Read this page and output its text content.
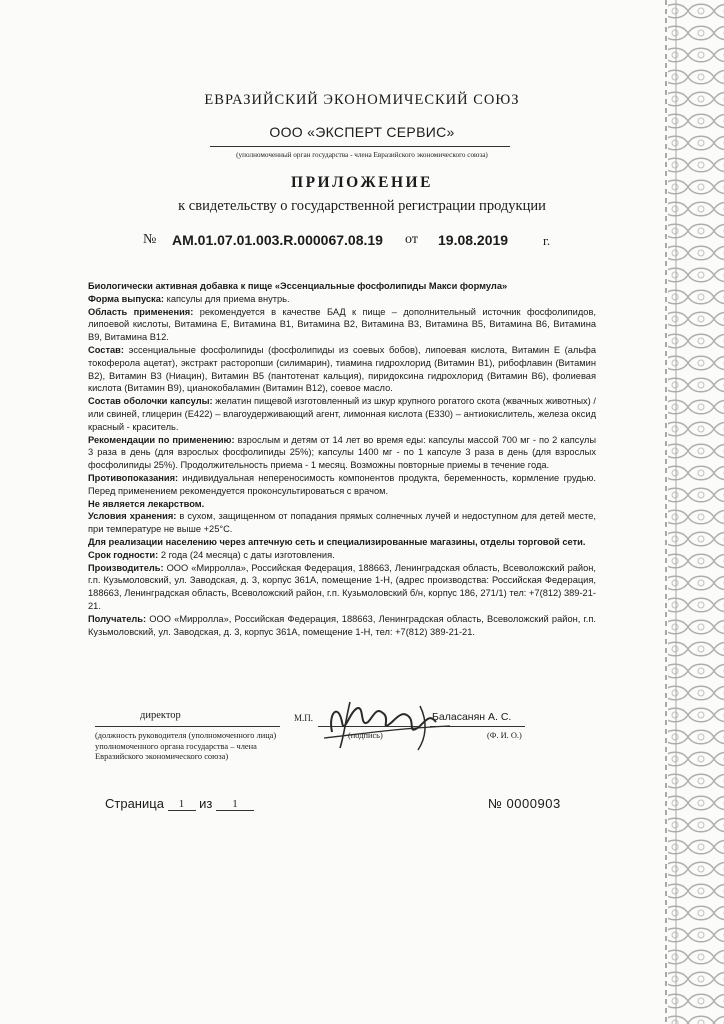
ЕВРАЗИЙСКИЙ ЭКОНОМИЧЕСКИЙ СОЮЗ
ООО «ЭКСПЕРТ СЕРВИС»
(уполномоченный орган государства - члена Евразийского экономического союза)
ПРИЛОЖЕНИЕ
к свидетельству о государственной регистрации продукции
№ AM.01.07.01.003.R.000067.08.19 от 19.08.2019	г.

Биологически активная добавка к пище «Эссенциальные фосфолипиды Макси формула»

Форма выпуска: капсулы для приема внутрь.

Область применения: рекомендуется в качестве БАД к пище – дополнительный источник фосфолипидов, липоевой кислоты, Витамина Е, Витамина B1, Витамина B2, Витамина B3, Витамина B5, Витамина B6, Витамина B9, Витамина B12.

Состав: эссенциальные фосфолипиды (фосфолипиды из соевых бобов), липоевая кислота, Витамин Е (альфа токоферола ацетат), экстракт расторопши (силимарин), тиамина гидрохлорид (Витамин B1), рибофлавин (Витамин B2), Витамин B3 (Ниацин), Витамин B5 (пантотенат кальция), пиридоксина гидрохлорид (Витамин B6), фолиевая кислота (Витамин B9), цианокобаламин (Витамин B12), соевое масло.

Состав оболочки капсулы: желатин пищевой изготовленный из шкур крупного рогатого скота (жвачных животных) /или свиней, глицерин (E422) – влагоудерживающий агент, лимонная кислота (E330) – антиокислитель, железа оксид красный - краситель.

Рекомендации по применению: взрослым и детям от 14 лет во время еды: капсулы массой 700 мг - по 2 капсулы 3 раза в день (для взрослых фосфолипиды 25%); капсулы 1400 мг - по 1 капсуле 3 раза в день (для взрослых фосфолипиды 25%). Продолжительность приема - 1 месяц. Возможны повторные приемы в течение года.

Противопоказания: индивидуальная непереносимость компонентов продукта, беременность, кормление грудью. Перед применением рекомендуется проконсультироваться с врачом.

Не является лекарством.

Условия хранения: в сухом, защищенном от попадания прямых солнечных лучей и недоступном для детей месте, при температуре не выше +25°С.

Для реализации населению через аптечную сеть и специализированные магазины, отделы торговой сети.

Срок годности: 2 года (24 месяца) с даты изготовления.

Производитель: ООО «Мирролла», Российская Федерация, 188663, Ленинградская область, Всеволожский район, г.п. Кузьмоловский, ул. Заводская, д. 3, корпус 361А, помещение 1-Н, (адрес производства: Российская Федерация, 188663, Ленинградская область, Всеволожский район, г.п. Кузьмоловский б/н, корпус 186, 271/1) тел: +7(812) 389-21-21.

Получатель: ООО «Мирролла», Российская Федерация, 188663, Ленинградская область, Всеволожский район, г.п. Кузьмоловский, ул. Заводская, д. 3, корпус 361А, помещение 1-Н, тел: +7(812) 389-21-21.

директор
(должность руководителя (уполномоченного лица) уполномоченного органа государства – члена Евразийского экономического союза)
М.П.
(подпись)
Баласанян А. С.
(Ф. И. О.)
Страница 1 из 1	№ 0000903
